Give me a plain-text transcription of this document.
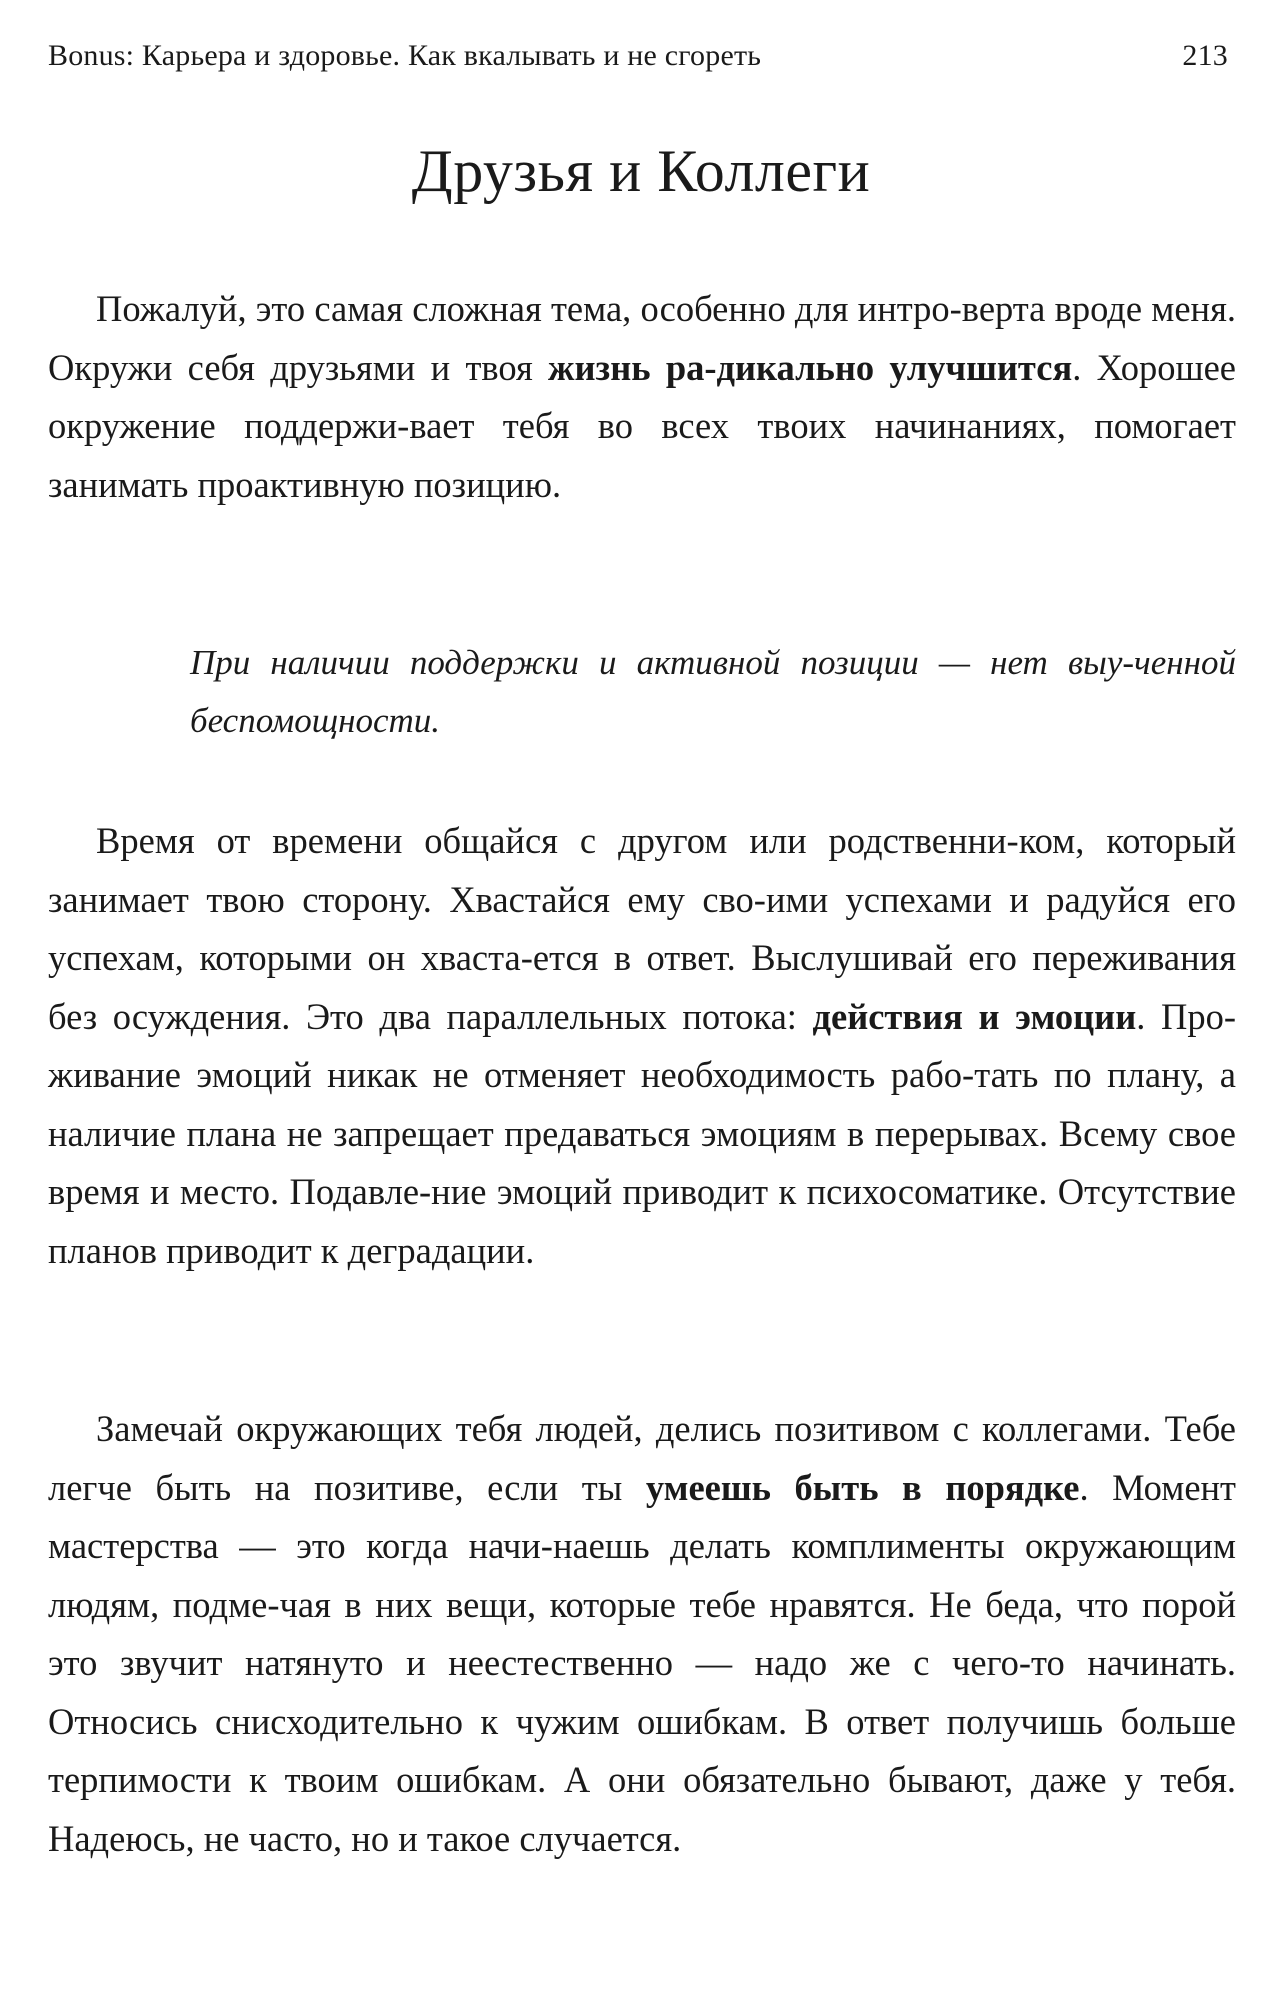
Bonus: Карьера и здоровье. Как вкалывать и не сгореть	213
Друзья и Коллеги

Пожалуй, это самая сложная тема, особенно для интро-верта вроде меня. Окружи себя друзьями и твоя жизнь ра-дикально улучшится. Хорошее окружение поддержи-вает тебя во всех твоих начинаниях, помогает занимать проактивную позицию.

При наличии поддержки и активной позиции — нет выу-ченной беспомощности.

Время от времени общайся с другом или родственни-ком, который занимает твою сторону. Хвастайся ему сво-ими успехами и радуйся его успехам, которыми он хваста-ется в ответ. Выслушивай его переживания без осуждения. Это два параллельных потока: действия и эмоции. Про-живание эмоций никак не отменяет необходимость рабо-тать по плану, а наличие плана не запрещает предаваться эмоциям в перерывах. Всему свое время и место. Подавле-ние эмоций приводит к психосоматике. Отсутствие планов приводит к деградации.

Замечай окружающих тебя людей, делись позитивом с коллегами. Тебе легче быть на позитиве, если ты умеешь быть в порядке. Момент мастерства — это когда начи-наешь делать комплименты окружающим людям, подме-чая в них вещи, которые тебе нравятся. Не беда, что порой это звучит натянуто и неестественно — надо же с чего-то начинать. Относись снисходительно к чужим ошибкам. В ответ получишь больше терпимости к твоим ошибкам. А они обязательно бывают, даже у тебя. Надеюсь, не часто, но и такое случается.
